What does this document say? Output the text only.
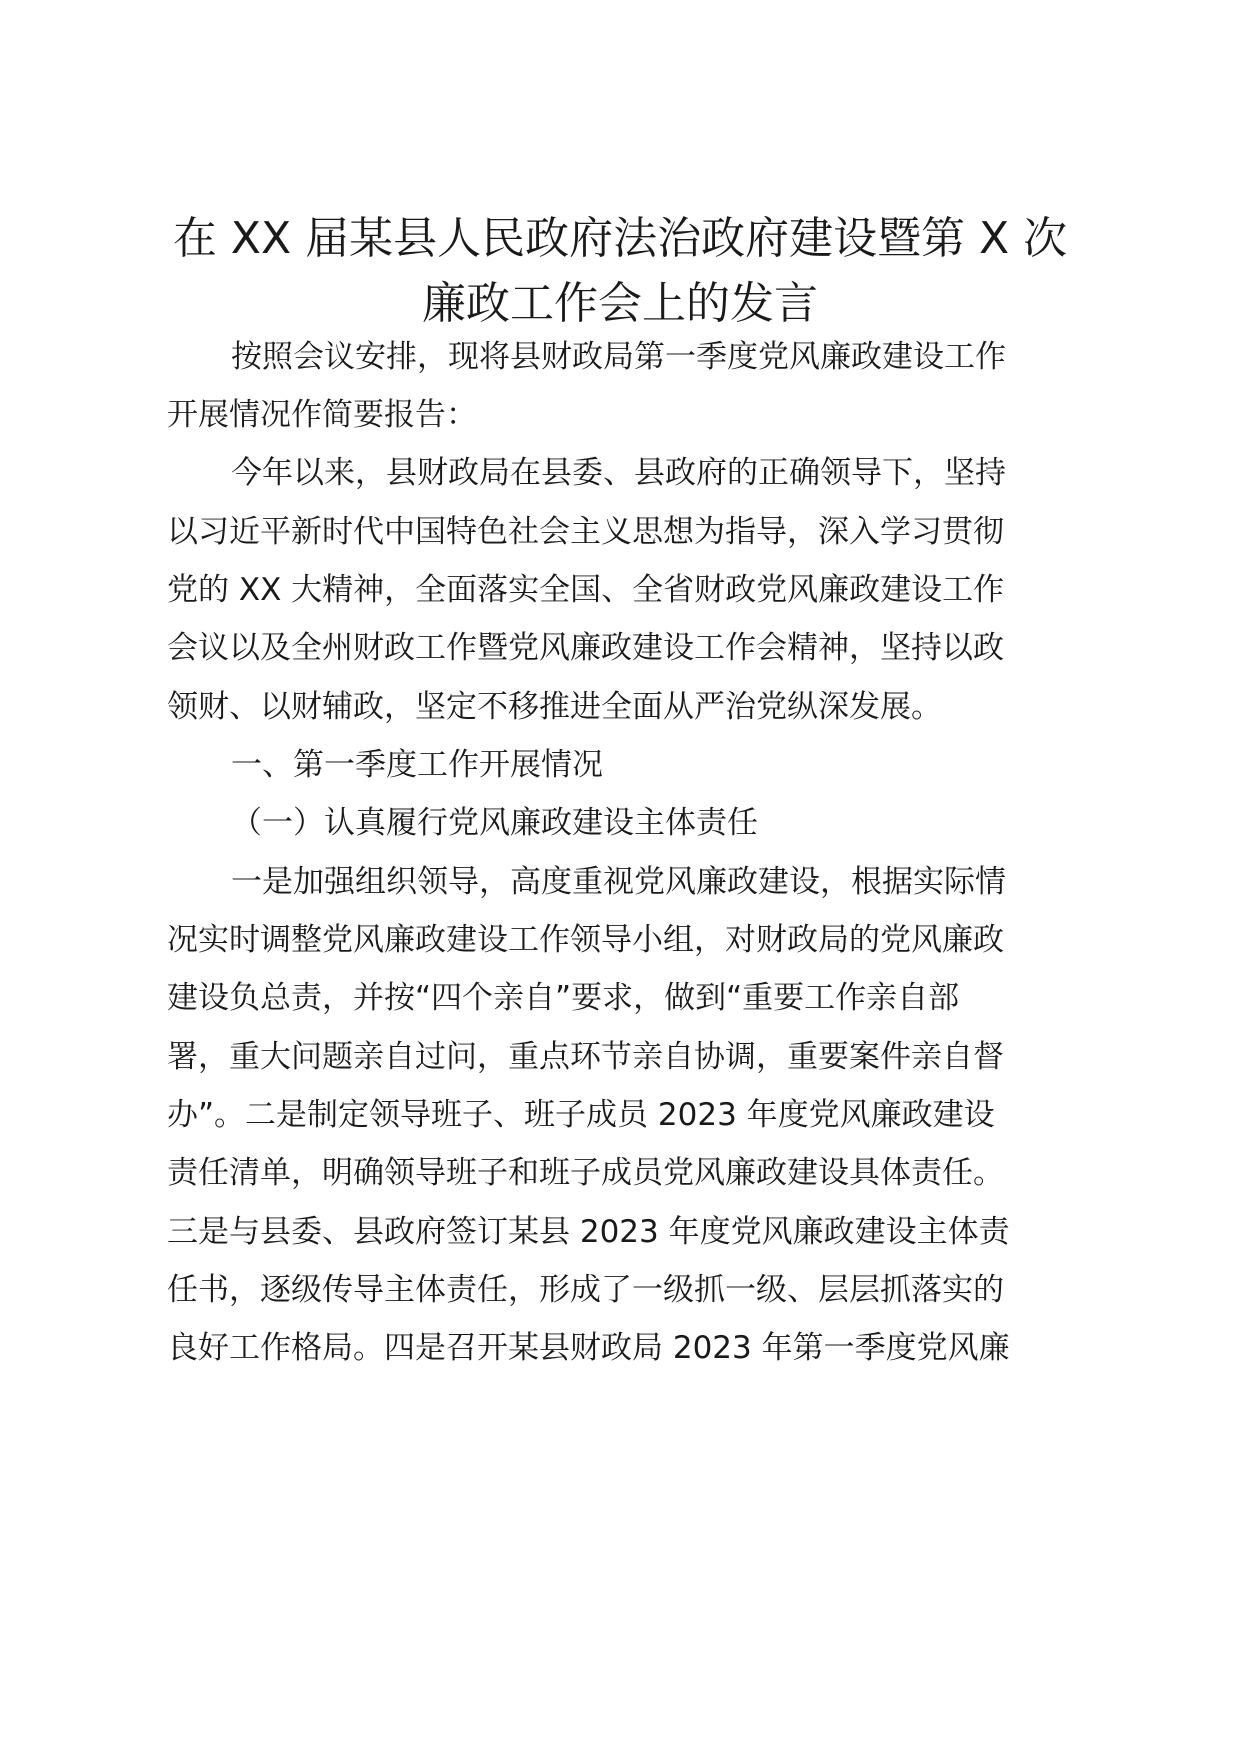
在 XX 届某县人民政府法治政府建设暨第 X 次
廉政工作会上的发言

按照会议安排，现将县财政局第一季度党风廉政建设工作

开展情况作简要报告：

今年以来，县财政局在县委、县政府的正确领导下，坚持

以习近平新时代中国特色社会主义思想为指导，深入学习贯彻

党的 XX 大精神，全面落实全国、全省财政党风廉政建设工作

会议以及全州财政工作暨党风廉政建设工作会精神，坚持以政

领财、以财辅政，坚定不移推进全面从严治党纵深发展。

一、第一季度工作开展情况

（一）认真履行党风廉政建设主体责任

一是加强组织领导，高度重视党风廉政建设，根据实际情

况实时调整党风廉政建设工作领导小组，对财政局的党风廉政

建设负总责，并按“四个亲自”要求，做到“重要工作亲自部

署，重大问题亲自过问，重点环节亲自协调，重要案件亲自督

办”。二是制定领导班子、班子成员 2023 年度党风廉政建设

责任清单，明确领导班子和班子成员党风廉政建设具体责任。

三是与县委、县政府签订某县 2023 年度党风廉政建设主体责

任书，逐级传导主体责任，形成了一级抓一级、层层抓落实的

良好工作格局。四是召开某县财政局 2023 年第一季度党风廉
